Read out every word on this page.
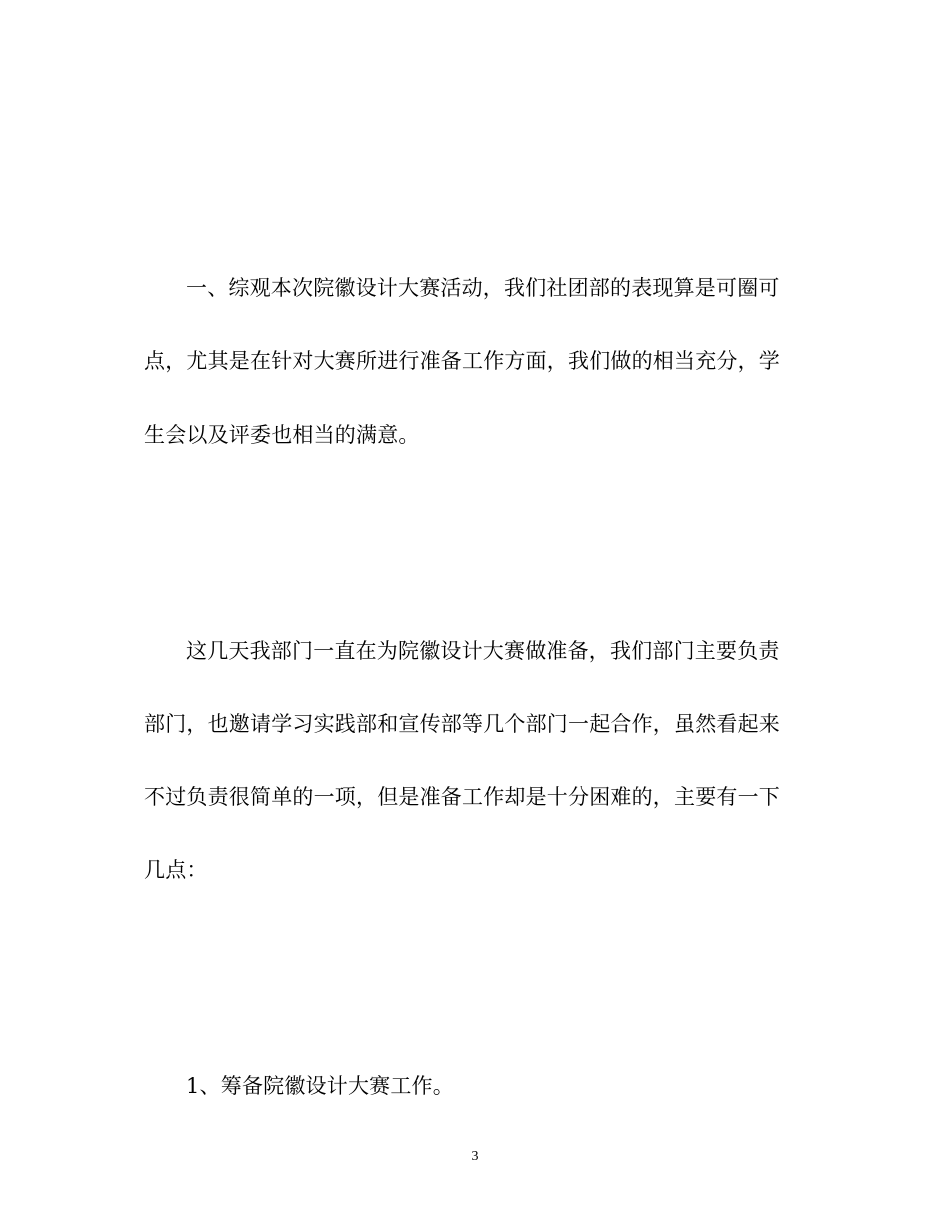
一、综观本次院徽设计大赛活动，我们社团部的表现算是可圈可
点，尤其是在针对大赛所进行准备工作方面，我们做的相当充分，学
生会以及评委也相当的满意。
这几天我部门一直在为院徽设计大赛做准备，我们部门主要负责
部门，也邀请学习实践部和宣传部等几个部门一起合作，虽然看起来
不过负责很简单的一项，但是准备工作却是十分困难的，主要有一下
几点：
1、筹备院徽设计大赛工作。
3
